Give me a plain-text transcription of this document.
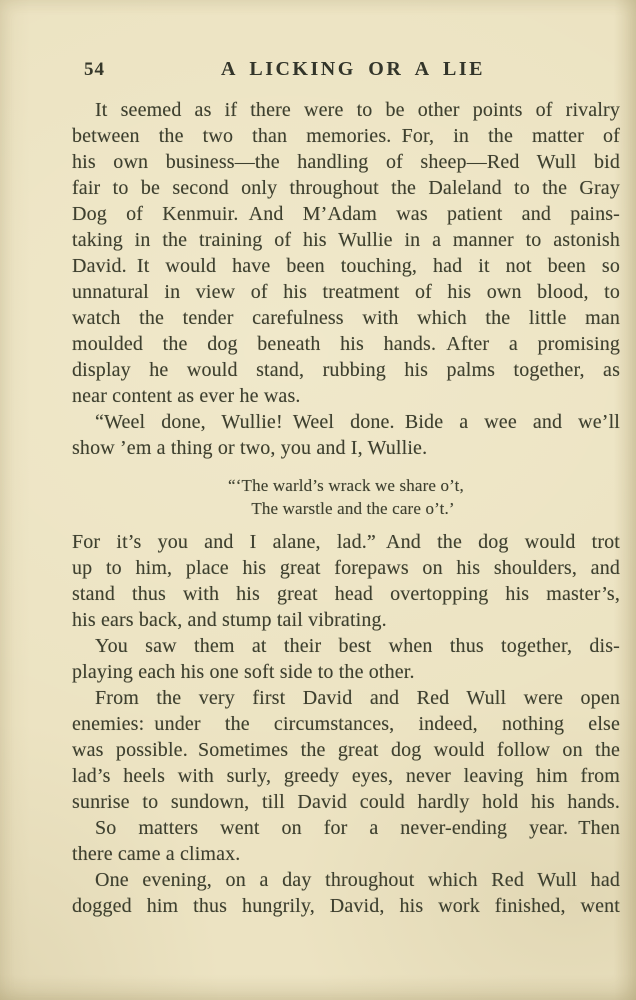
54	A LICKING OR A LIE
It seemed as if there were to be other points of rivalry
between the two than memories. For, in the matter of
his own business—the handling of sheep—Red Wull bid
fair to be second only throughout the Daleland to the Gray
Dog of Kenmuir. And M’Adam was patient and pains-
taking in the training of his Wullie in a manner to astonish
David. It would have been touching, had it not been so
unnatural in view of his treatment of his own blood, to
watch the tender carefulness with which the little man
moulded the dog beneath his hands. After a promising
display he would stand, rubbing his palms together, as
near content as ever he was.
“Weel done, Wullie! Weel done. Bide a wee and we’ll
show ’em a thing or two, you and I, Wullie.
“‘The warld’s wrack we share o’t,
The warstle and the care o’t.’
For it’s you and I alane, lad.” And the dog would trot
up to him, place his great forepaws on his shoulders, and
stand thus with his great head overtopping his master’s,
his ears back, and stump tail vibrating.
You saw them at their best when thus together, dis-
playing each his one soft side to the other.
From the very first David and Red Wull were open
enemies: under the circumstances, indeed, nothing else
was possible. Sometimes the great dog would follow on the
lad’s heels with surly, greedy eyes, never leaving him from
sunrise to sundown, till David could hardly hold his hands.
So matters went on for a never-ending year. Then
there came a climax.
One evening, on a day throughout which Red Wull had
dogged him thus hungrily, David, his work finished, went
